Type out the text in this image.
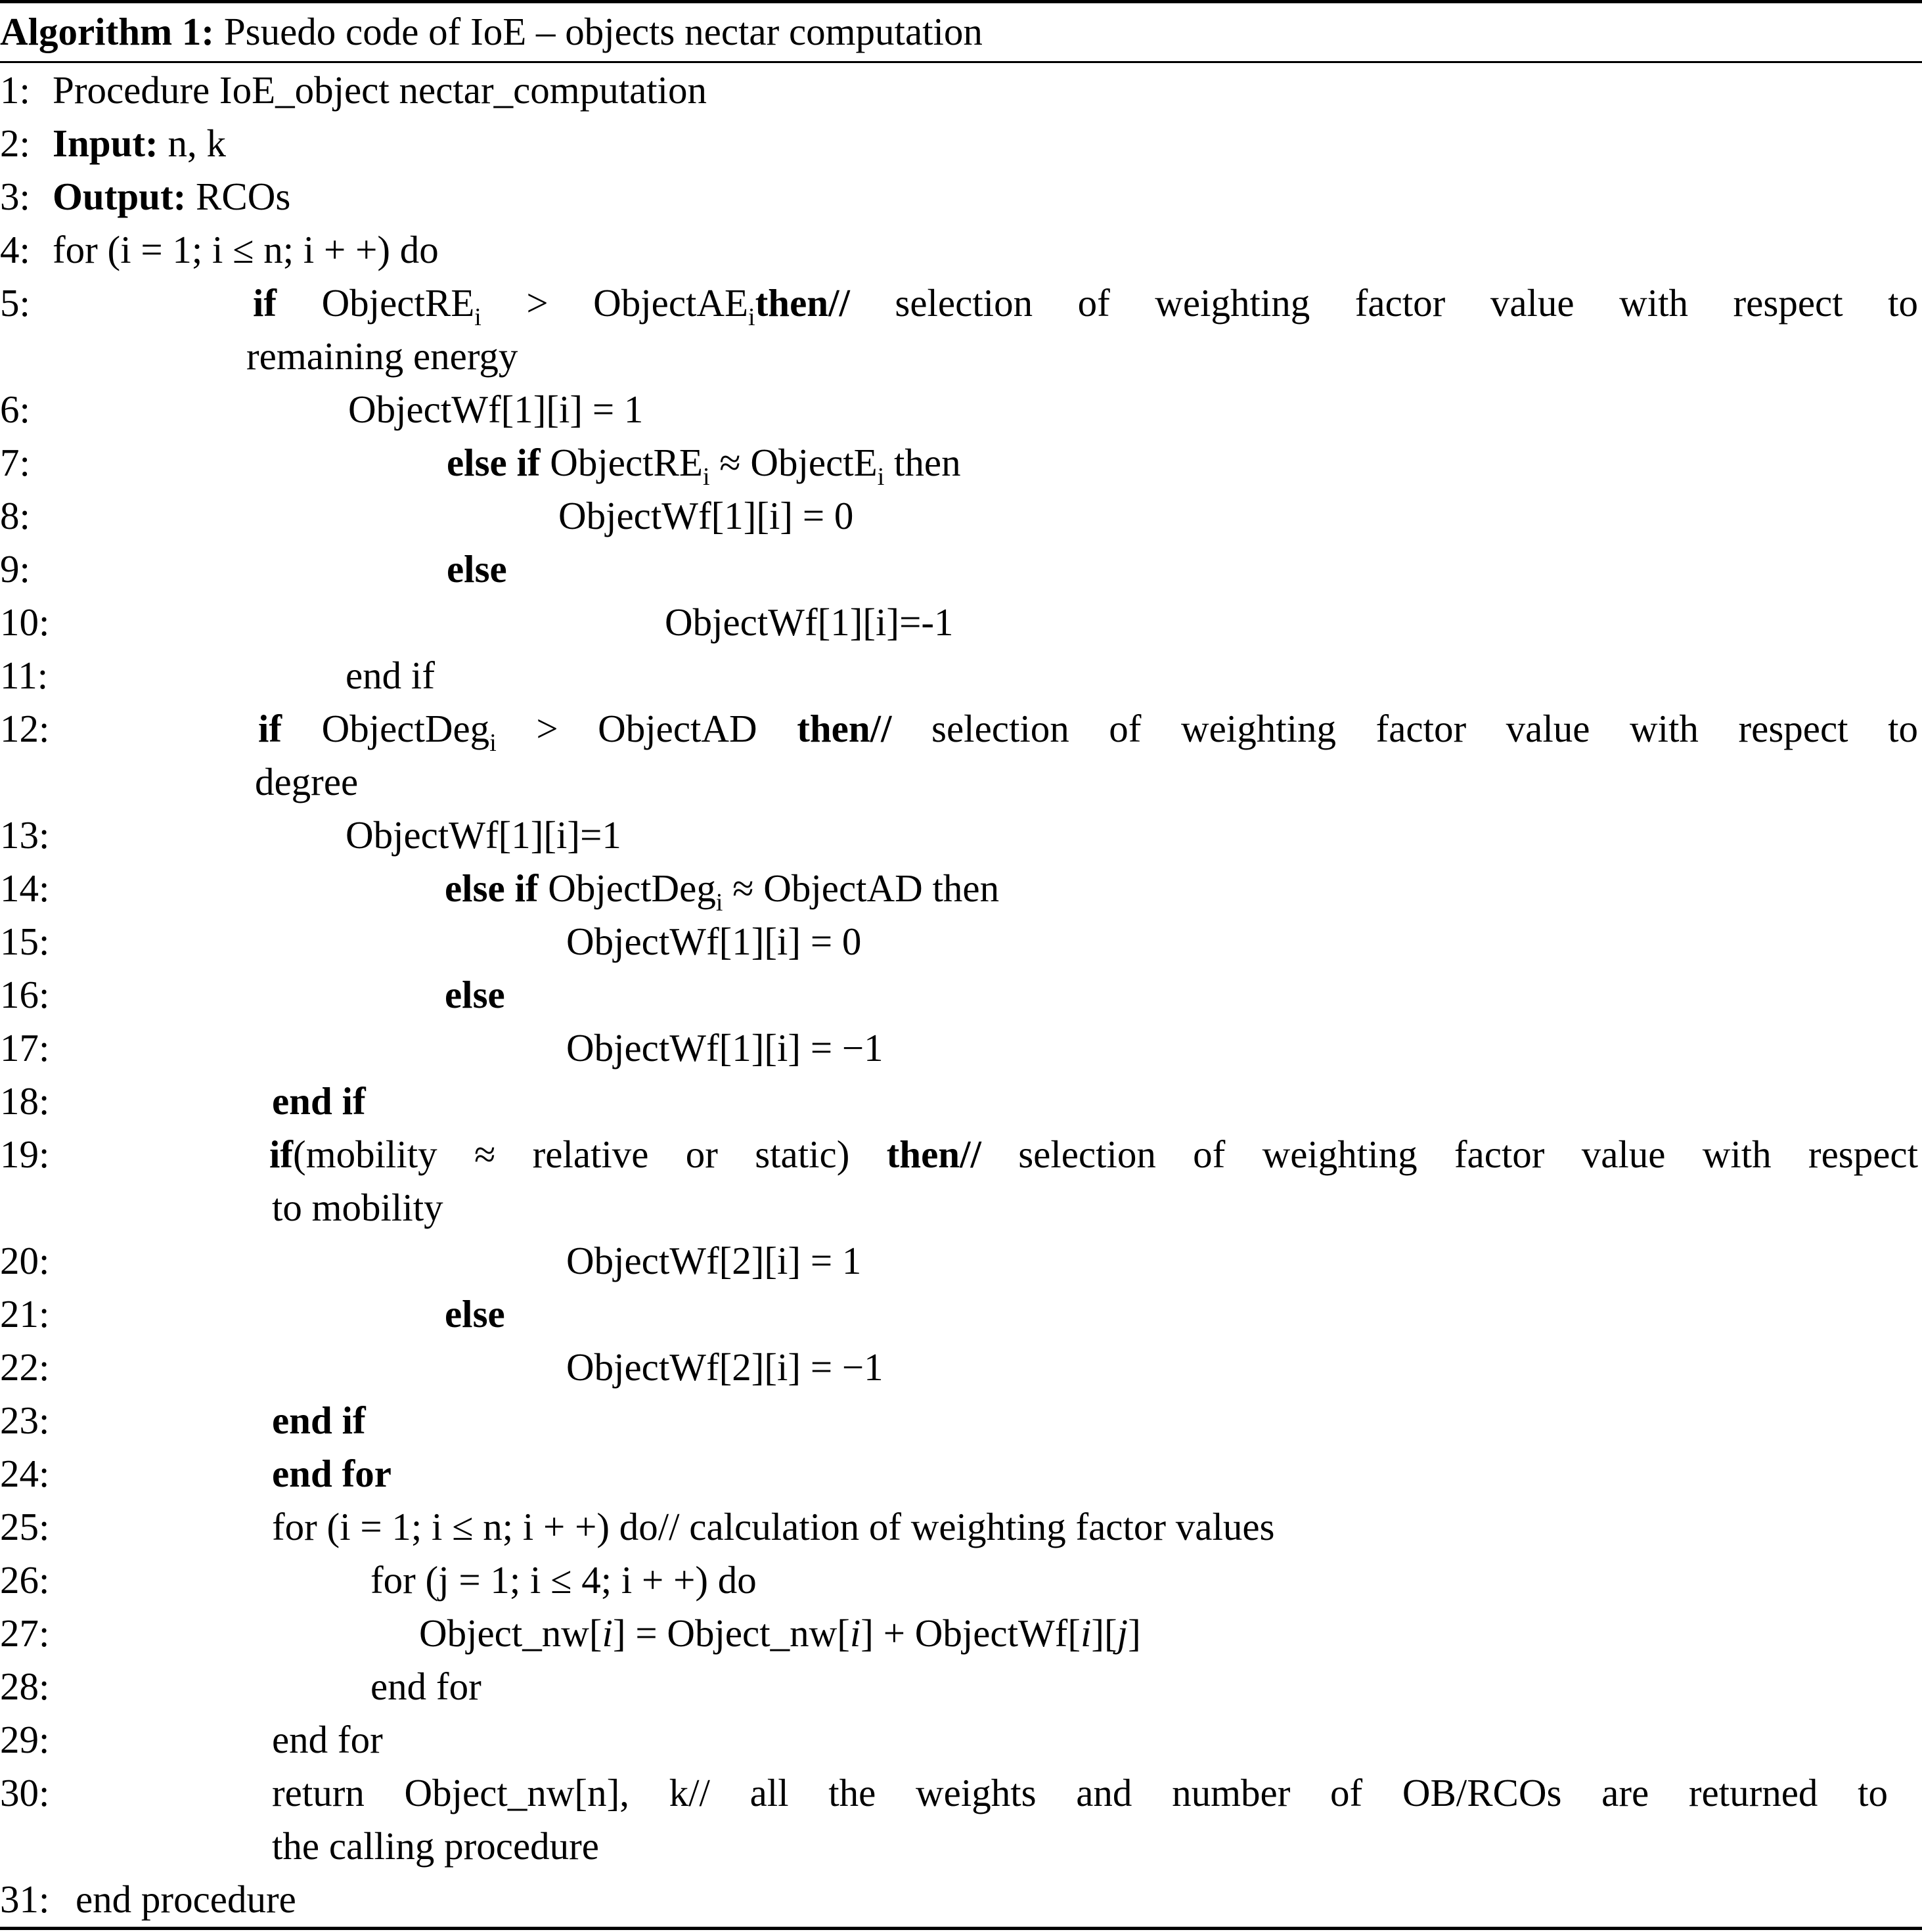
Algorithm 1: Psuedo code of IoE – objects nectar computation
1: Procedure IoE_object nectar_computation
2: Input: n, k
3: Output: RCOs
4: for (i = 1; i ≤ n; i + +) do
5:	if ObjectRE$_i$ > ObjectAE$_i$then// selection of weighting factor value with respect to
remaining energy
6:	ObjectWf[1][i] = 1
7:	else if ObjectRE$_i$ ≈ ObjectE$_i$ then
8:	ObjectWf[1][i] = 0
9:	else
10:	ObjectWf[1][i]=-1
11:	end if
12:	if ObjectDeg$_i$ > ObjectAD then// selection of weighting factor value with respect to
degree
13:	ObjectWf[1][i]=1
14:	else if ObjectDeg$_i$ ≈ ObjectAD then
15:	ObjectWf[1][i] = 0
16:	else
17:	ObjectWf[1][i] = −1
18:	end if
19:	if(mobility ≈ relative or static) then// selection of weighting factor value with respect
to mobility
20:	ObjectWf[2][i] = 1
21:	else
22:	ObjectWf[2][i] = −1
23:	end if
24:	end for
25:	for (i = 1; i ≤ n; i + +) do// calculation of weighting factor values
26:	for (j = 1; i ≤ 4; i + +) do
27:	Object_nw[i] = Object_nw[i] + ObjectWf[i][j]
28:	end for
29:	end for
30:	return Object_nw[n], k// all the weights and number of OB/RCOs are returned to
the calling procedure
31: end procedure
